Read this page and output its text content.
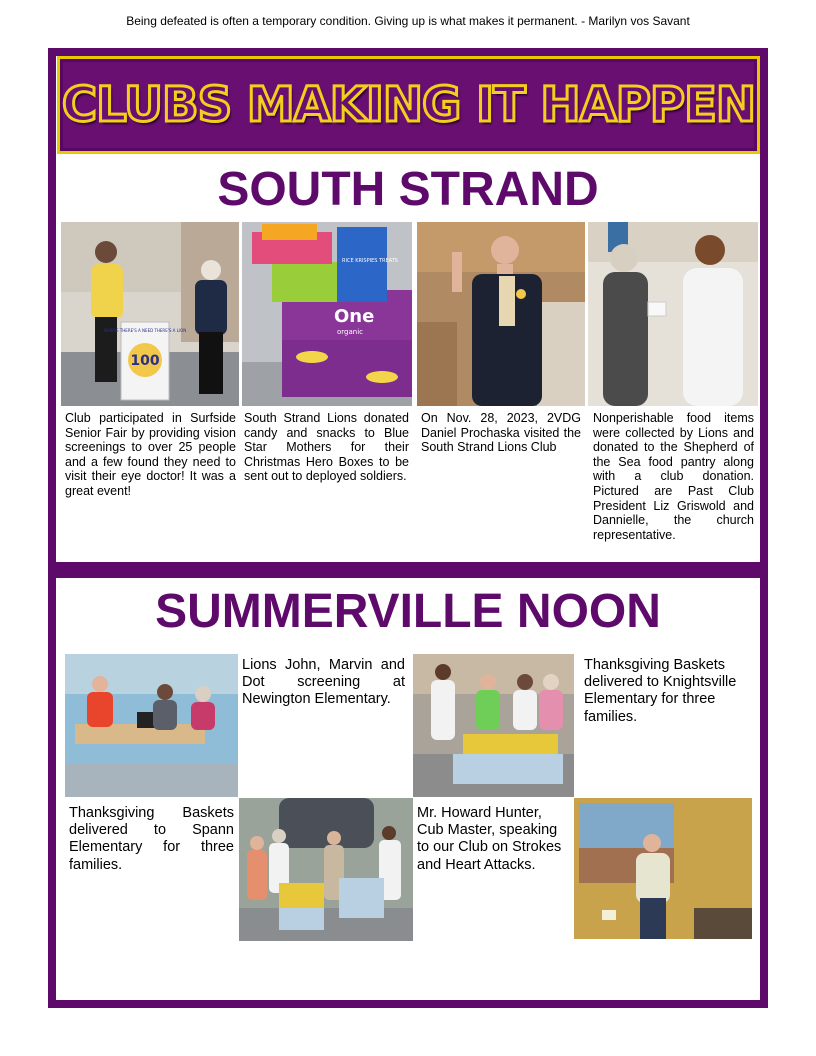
Being defeated is often a temporary condition. Giving up is what makes it permanent. - Marilyn vos Savant
CLUBS MAKING IT HAPPEN
SOUTH STRAND
100
WHERE THERE'S A NEED THERE'S A LION
One
organic
RICE KRISPIES TREATS
Club participated in Surfside Senior Fair by providing vision screenings to over 25 people and a few found they need to visit their eye doctor! It was a great event!
South Strand Lions donated candy and snacks to Blue Star Mothers for their Christmas Hero Boxes to be sent out to deployed soldiers.
On Nov. 28, 2023, 2VDG Daniel Prochaska visited the South Strand Lions Club
Nonperishable food items were collected by Lions and donated to the Shepherd of the Sea food pantry along with a club donation. Pictured are Past Club President Liz Griswold and Dannielle, the church representative.
SUMMERVILLE NOON
Lions John, Marvin and Dot screening at Newington Elementary.
Thanksgiving Baskets delivered to Knightsville Elementary for three families.
Thanksgiving Baskets delivered to Spann Elementary for three families.
Mr. Howard Hunter, Cub Master, speaking to our Club on Strokes and Heart Attacks.
